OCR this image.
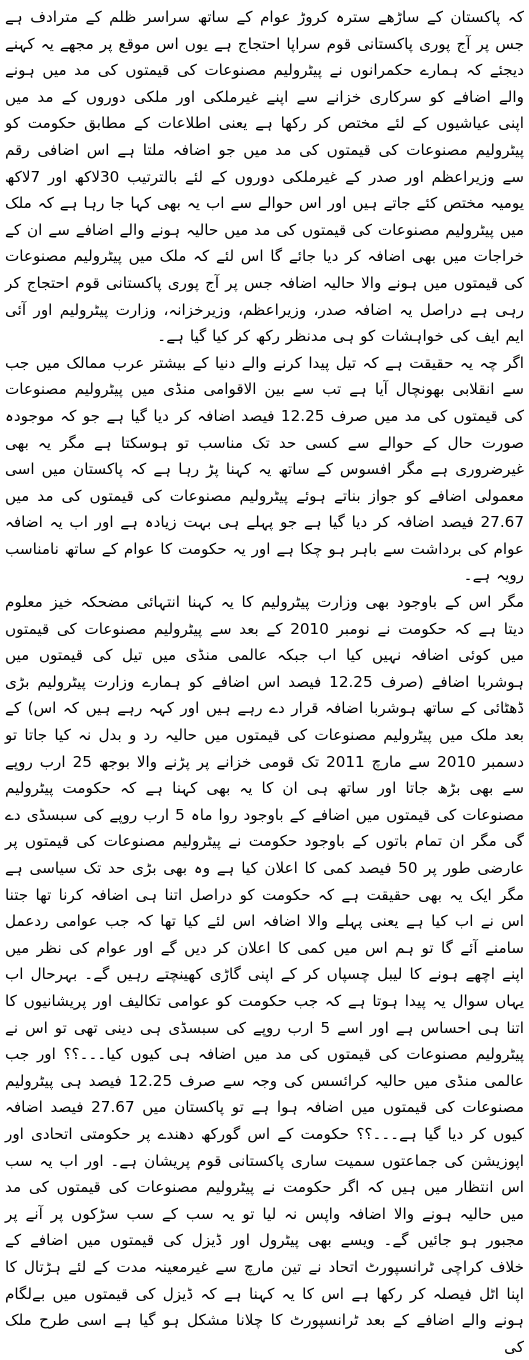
کہ پاکستان کے ساڑھے سترہ کروڑ عوام کے ساتھ سراسر ظلم کے مترادف ہے جس پر آج پوری پاکستانی قوم سراپا احتجاج ہے یوں اس موقع پر مجھے یہ کہنے دیجئے کہ ہمارے حکمرانوں نے پیٹرولیم مصنوعات کی قیمتوں کی مد میں ہونے والے اضافے کو سرکاری خزانے سے اپنے غیرملکی اور ملکی دوروں کے مد میں اپنی عیاشیوں کے لئے مختص کر رکھا ہے یعنی اطلاعات کے مطابق حکومت کو پیٹرولیم مصنوعات کی قیمتوں کی مد میں جو اضافہ ملتا ہے اس اضافی رقم سے وزیراعظم اور صدر کے غیرملکی دوروں کے لئے بالترتیب 30لاکھ اور 7لاکھ یومیہ مختص کئے جاتے ہیں اور اس حوالے سے اب یہ بھی کہا جا رہا ہے کہ ملک میں پیٹرولیم مصنوعات کی قیمتوں کی مد میں حالیہ ہونے والے اضافے سے ان کے خراجات میں بھی اضافہ کر دیا جائے گا اس لئے کہ ملک میں پیٹرولیم مصنوعات کی قیمتوں میں ہونے والا حالیہ اضافہ جس پر آج پوری پاکستانی قوم احتجاج کر رہی ہے دراصل یہ اضافہ صدر، وزیراعظم، وزیرخزانہ، وزارت پیٹرولیم اور آئی ایم ایف کی خواہشات کو ہی مدنظر رکھ کر کیا گیا ہے۔

اگر چہ یہ حقیقت ہے کہ تیل پیدا کرنے والے دنیا کے بیشتر عرب ممالک میں جب سے انقلابی بھونچال آیا ہے تب سے بین الاقوامی منڈی میں پیٹرولیم مصنوعات کی قیمتوں کی مد میں صرف 12.25 فیصد اضافہ کر دیا گیا ہے جو کہ موجودہ صورت حال کے حوالے سے کسی حد تک مناسب تو ہوسکتا ہے مگر یہ بھی غیرضروری ہے مگر افسوس کے ساتھ یہ کہنا پڑ رہا ہے کہ پاکستان میں اسی معمولی اضافے کو جواز بناتے ہوئے پیٹرولیم مصنوعات کی قیمتوں کی مد میں 27.67 فیصد اضافہ کر دیا گیا ہے جو پہلے ہی بہت زیادہ ہے اور اب یہ اضافہ عوام کی برداشت سے باہر ہو چکا ہے اور یہ حکومت کا عوام کے ساتھ نامناسب رویہ ہے۔

مگر اس کے باوجود بھی وزارت پیٹرولیم کا یہ کہنا انتہائی مضحکہ خیز معلوم دیتا ہے کہ حکومت نے نومبر 2010 کے بعد سے پیٹرولیم مصنوعات کی قیمتوں میں کوئی اضافہ نہیں کیا اب جبکہ عالمی منڈی میں تیل کی قیمتوں میں ہوشربا اضافے (صرف 12.25 فیصد اس اضافے کو ہمارے وزارت پیٹرولیم بڑی ڈھٹائی کے ساتھ ہوشربا اضافہ قرار دے رہے ہیں اور کہہ رہے ہیں کہ اس) کے بعد ملک میں پیٹرولیم مصنوعات کی قیمتوں میں حالیہ رد و بدل نہ کیا جاتا تو دسمبر 2010 سے مارچ 2011 تک قومی خزانے پر پڑنے والا بوجھ 25 ارب روپے سے بھی بڑھ جاتا اور ساتھ ہی ان کا یہ بھی کہنا ہے کہ حکومت پیٹرولیم مصنوعات کی قیمتوں میں اضافے کے باوجود روا ماہ 5 ارب روپے کی سبسڈی دے گی مگر ان تمام باتوں کے باوجود حکومت نے پیٹرولیم مصنوعات کی قیمتوں پر عارضی طور پر 50 فیصد کمی کا اعلان کیا ہے وہ بھی بڑی حد تک سیاسی ہے مگر ایک یہ بھی حقیقت ہے کہ حکومت کو دراصل اتنا ہی اضافہ کرنا تھا جتنا اس نے اب کیا ہے یعنی پہلے والا اضافہ اس لئے کیا تھا کہ جب عوامی ردعمل سامنے آئے گا تو ہم اس میں کمی کا اعلان کر دیں گے اور عوام کی نظر میں اپنے اچھے ہونے کا لیبل چسپاں کر کے اپنی گاڑی کھینچتے رہیں گے۔ بہرحال اب یہاں سوال یہ پیدا ہوتا ہے کہ جب حکومت کو عوامی تکالیف اور پریشانیوں کا اتنا ہی احساس ہے اور اسے 5 ارب روپے کی سبسڈی ہی دینی تھی تو اس نے پیٹرولیم مصنوعات کی قیمتوں کی مد میں اضافہ ہی کیوں کیا۔۔۔؟؟ اور جب عالمی منڈی میں حالیہ کرائسس کی وجہ سے صرف 12.25 فیصد ہی پیٹرولیم مصنوعات کی قیمتوں میں اضافہ ہوا ہے تو پاکستان میں 27.67 فیصد اضافہ کیوں کر دیا گیا ہے۔۔۔؟؟ حکومت کے اس گورکھ دھندے پر حکومتی اتحادی اور اپوزیشن کی جماعتوں سمیت ساری پاکستانی قوم پریشان ہے۔ اور اب یہ سب اس انتظار میں ہیں کہ اگر حکومت نے پیٹرولیم مصنوعات کی قیمتوں کی مد میں حالیہ ہونے والا اضافہ واپس نہ لیا تو یہ سب کے سب سڑکوں پر آنے پر مجبور ہو جائیں گے۔ ویسے بھی پیٹرول اور ڈیزل کی قیمتوں میں اضافے کے خلاف کراچی ٹرانسپورٹ اتحاد نے تین مارچ سے غیرمعینہ مدت کے لئے ہڑتال کا اپنا اٹل فیصلہ کر رکھا ہے اس کا یہ کہنا ہے کہ ڈیزل کی قیمتوں میں بےلگام ہونے والے اضافے کے بعد ٹرانسپورٹ کا چلانا مشکل ہو گیا ہے اسی طرح ملک کی
